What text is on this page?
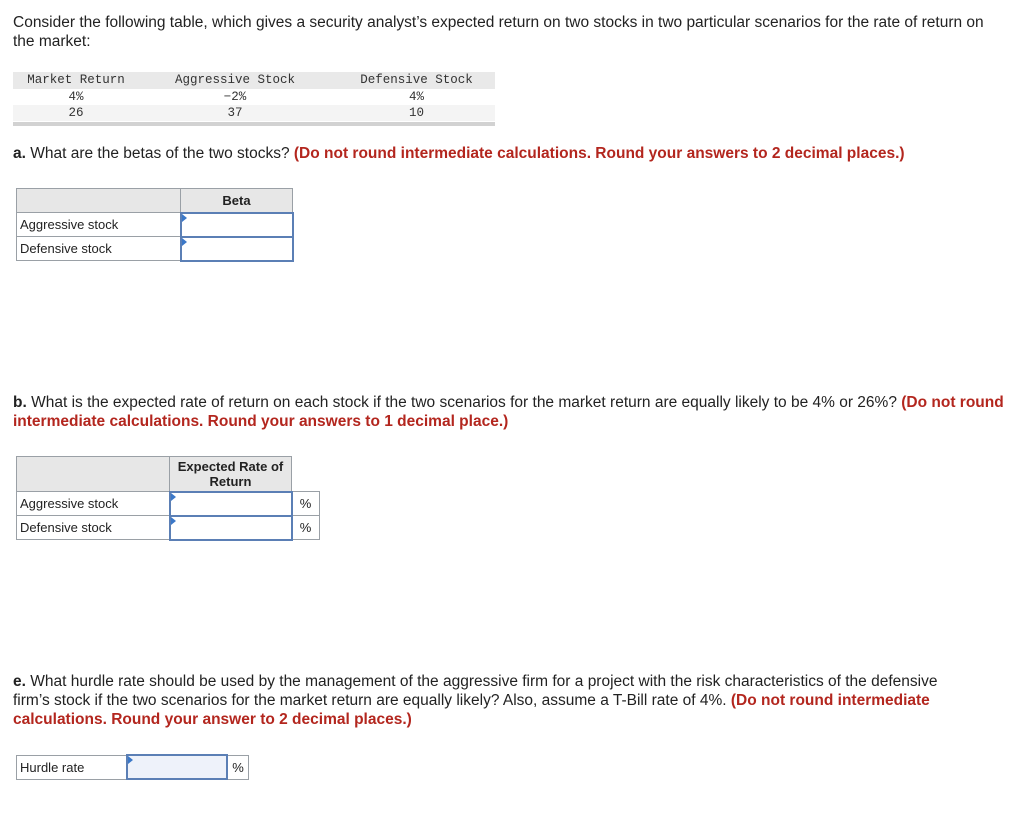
Consider the following table, which gives a security analyst’s expected return on two stocks in two particular scenarios for the rate of return on the market:
Market Return	Aggressive Stock	Defensive Stock
4%	−2%	4%
26	37	10
a. What are the betas of the two stocks? (Do not round intermediate calculations. Round your answers to 2 decimal places.)
	Beta
Aggressive stock	

Defensive stock	
b. What is the expected rate of return on each stock if the two scenarios for the market return are equally likely to be 4% or 26%? (Do not round intermediate calculations. Round your answers to 1 decimal place.)
	Expected Rate of Return	
Aggressive stock		%
Defensive stock		%
e. What hurdle rate should be used by the management of the aggressive firm for a project with the risk characteristics of the defensive firm’s stock if the two scenarios for the market return are equally likely? Also, assume a T-Bill rate of 4%. (Do not round intermediate calculations. Round your answer to 2 decimal places.)
Hurdle rate		%
